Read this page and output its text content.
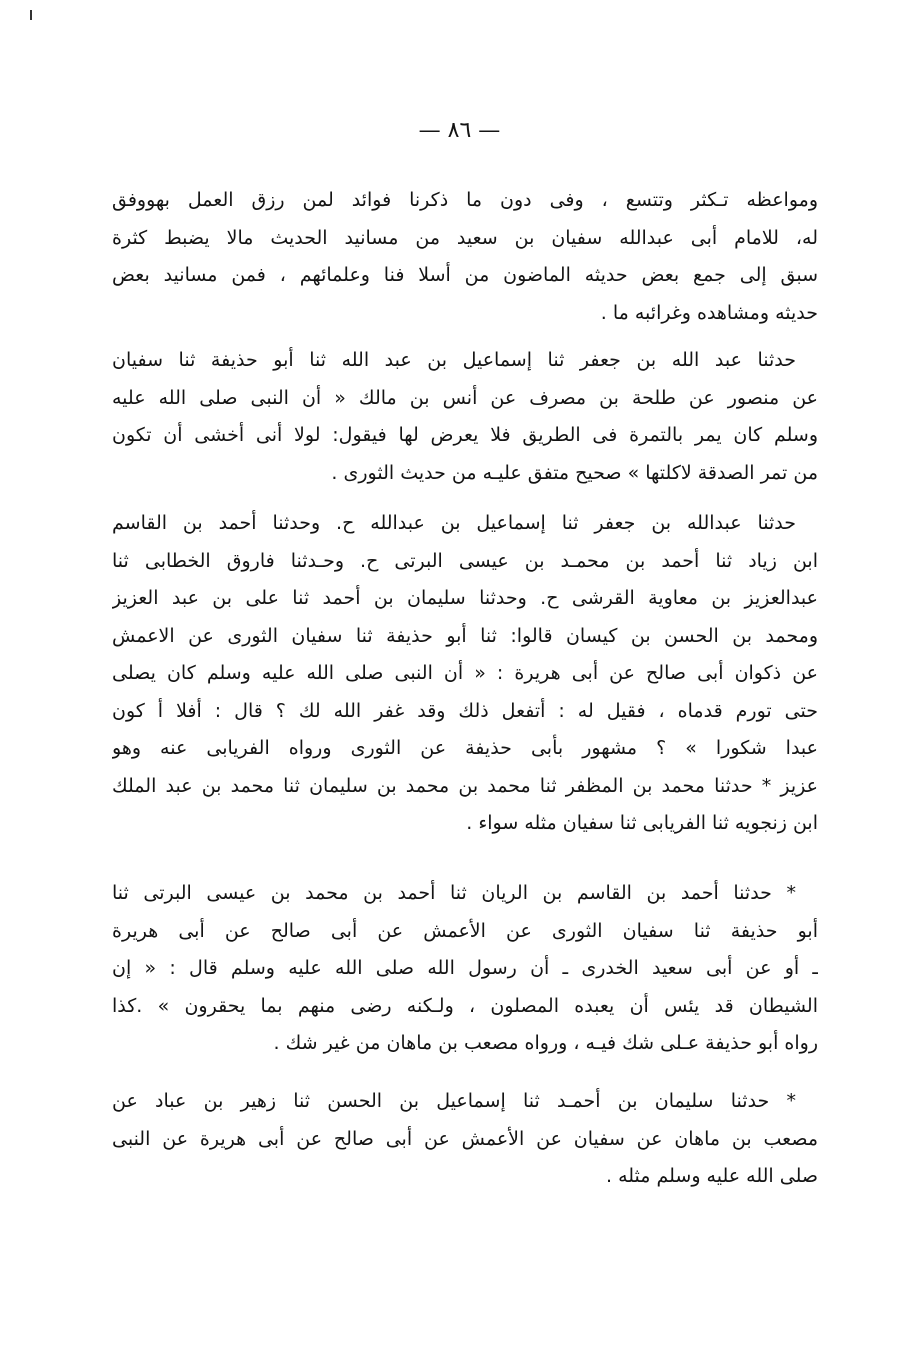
— ٨٦ —
ومواعظه تـكثر وتتسع ، وفى دون ما ذكرنا فوائد لمن رزق العمل بهووفق
له، للامام أبى عبدالله سفيان بن سعيد من مسانيد الحديث مالا يضبط كثرة
سبق إلى جمع بعض حديثه الماضون من أسلا فنا وعلمائهم ، فمن مسانيد بعض
حديثه ومشاهده وغرائبه ما .
حدثنا عبد الله بن جعفر ثنا إسماعيل بن عبد الله ثنا أبو حذيفة ثنا سفيان
عن منصور عن طلحة بن مصرف عن أنس بن مالك « أن النبى صلى الله عليه
وسلم كان يمر بالتمرة فى الطريق فلا يعرض لها فيقول: لولا أنى أخشى أن تكون
من تمر الصدقة لاكلتها » صحيح متفق عليـه من حديث الثورى .
حدثنا عبدالله بن جعفر ثنا إسماعيل بن عبدالله ح. وحدثنا أحمد بن القاسم
ابن زياد ثنا أحمد بن محمـد بن عيسى البرتى ح. وحـدثنا فاروق الخطابى ثنا
عبدالعزيز بن معاوية القرشى ح. وحدثنا سليمان بن أحمد ثنا على بن عبد العزيز
ومحمد بن الحسن بن كيسان قالوا: ثنا أبو حذيفة ثنا سفيان الثورى عن الاعمش
عن ذكوان أبى صالح عن أبى هريرة : « أن النبى صلى الله عليه وسلم كان يصلى
حتى تورم قدماه ، فقيل له : أتفعل ذلك وقد غفر الله لك ؟ قال : أفلا أ كون
عبدا شكورا » ؟ مشهور بأبى حذيفة عن الثورى ورواه الفريابى عنه وهو
عزيز * حدثنا محمد بن المظفر ثنا محمد بن محمد بن سليمان ثنا محمد بن عبد الملك
ابن زنجويه ثنا الفريابى ثنا سفيان مثله سواء .
* حدثنا أحمد بن القاسم بن الريان ثنا أحمد بن محمد بن عيسى البرتى ثنا
أبو حذيفة ثنا سفيان الثورى عن الأعمش عن أبى صالح عن أبى هريرة
ـ أو عن أبى سعيد الخدرى ـ أن رسول الله صلى الله عليه وسلم قال : « إن
الشيطان قد يئس أن يعبده المصلون ، ولـكنه رضى منهم بما يحقرون » .كذا
رواه أبو حذيفة عـلى شك فيـه ، ورواه مصعب بن ماهان من غير شك .
* حدثنا سليمان بن أحمـد ثنا إسماعيل بن الحسن ثنا زهير بن عباد عن
مصعب بن ماهان عن سفيان عن الأعمش عن أبى صالح عن أبى هريرة عن النبى
صلى الله عليه وسلم مثله .
